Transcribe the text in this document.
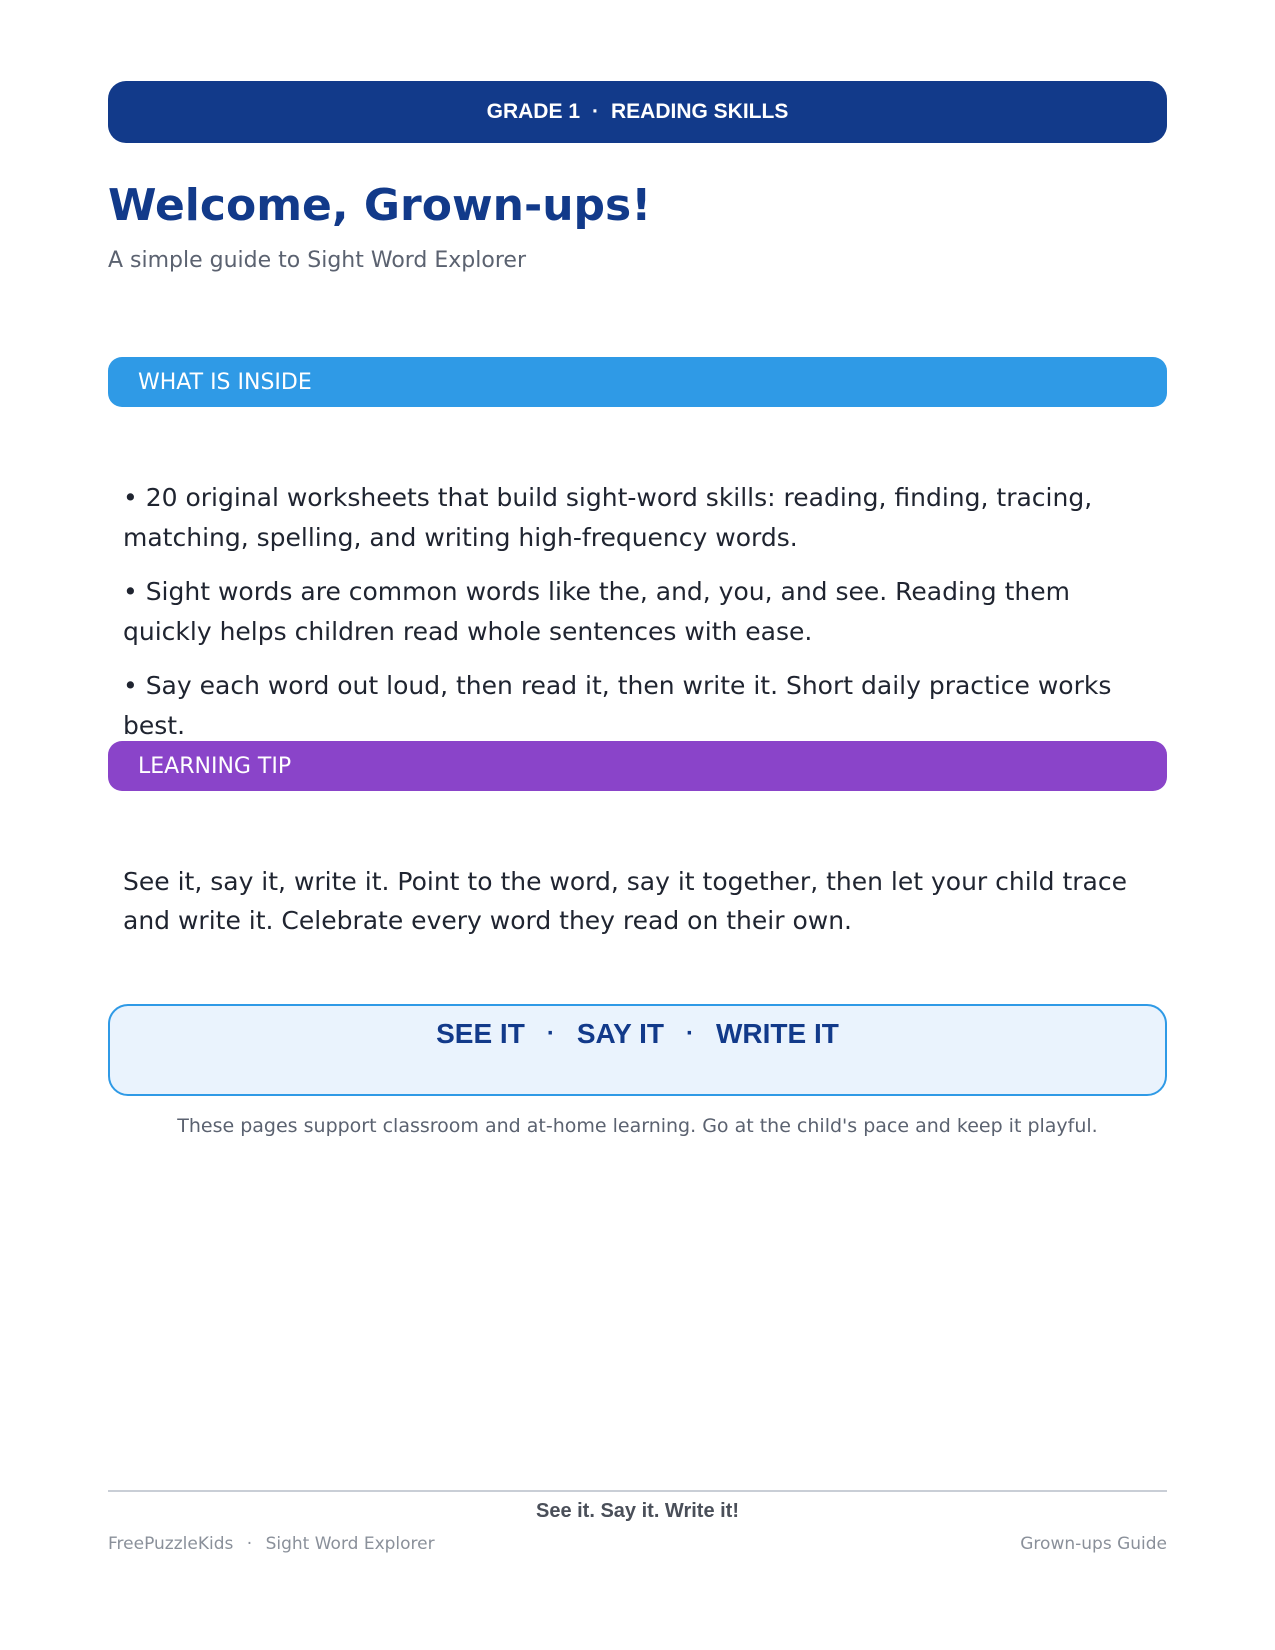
GRADE 1 · READING SKILLS
Welcome, Grown-ups!
A simple guide to Sight Word Explorer
WHAT IS INSIDE

• 20 original worksheets that build sight-word skills: reading, finding, tracing, matching, spelling, and writing high-frequency words.

• Sight words are common words like the, and, you, and see. Reading them quickly helps children read whole sentences with ease.

• Say each word out loud, then read it, then write it. Short daily practice works best.

LEARNING TIP
See it, say it, write it. Point to the word, say it together, then let your child trace and write it. Celebrate every word they read on their own.
SEE IT · SAY IT · WRITE IT
These pages support classroom and at-home learning. Go at the child's pace and keep it playful.
See it. Say it. Write it!
FreePuzzleKids · Sight Word Explorer	Grown-ups Guide
